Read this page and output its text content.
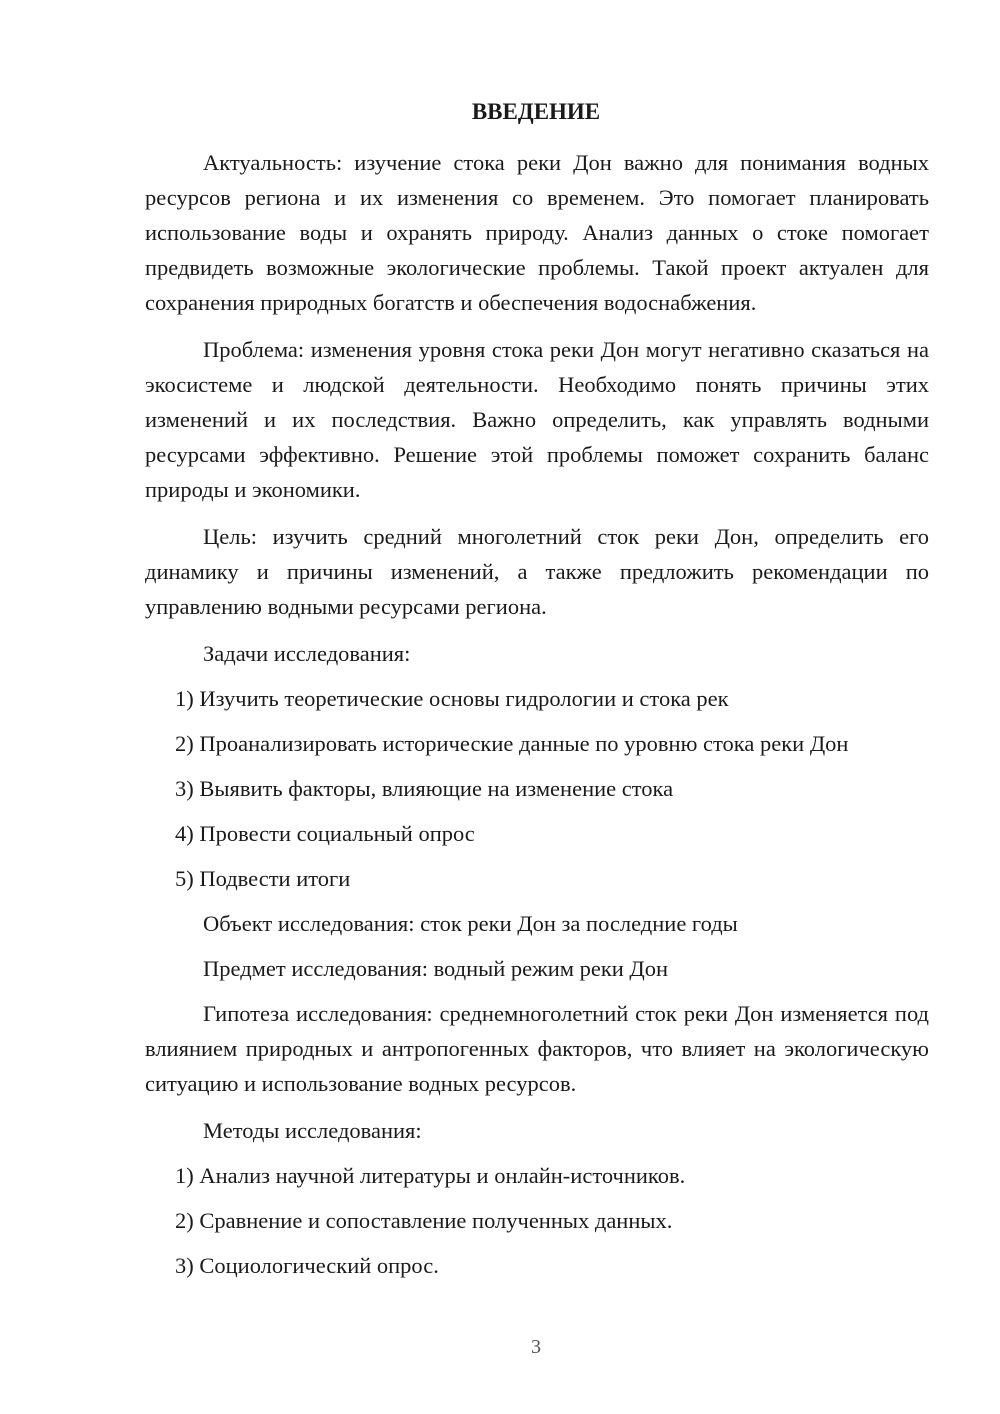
ВВЕДЕНИЕ

Актуальность: изучение стока реки Дон важно для понимания водных ресурсов региона и их изменения со временем. Это помогает планировать использование воды и охранять природу. Анализ данных о стоке помогает предвидеть возможные экологические проблемы. Такой проект актуален для сохранения природных богатств и обеспечения водоснабжения.

Проблема: изменения уровня стока реки Дон могут негативно сказаться на экосистеме и людской деятельности. Необходимо понять причины этих изменений и их последствия. Важно определить, как управлять водными ресурсами эффективно. Решение этой проблемы поможет сохранить баланс природы и экономики.

Цель: изучить средний многолетний сток реки Дон, определить его динамику и причины изменений, а также предложить рекомендации по управлению водными ресурсами региона.

Задачи исследования:

1) Изучить теоретические основы гидрологии и стока рек

2) Проанализировать исторические данные по уровню стока реки Дон

3) Выявить факторы, влияющие на изменение стока

4) Провести социальный опрос

5) Подвести итоги

Объект исследования: сток реки Дон за последние годы

Предмет исследования: водный режим реки Дон

Гипотеза исследования: среднемноголетний сток реки Дон изменяется под влиянием природных и антропогенных факторов, что влияет на экологическую ситуацию и использование водных ресурсов.

Методы исследования:

1) Анализ научной литературы и онлайн-источников.

2) Сравнение и сопоставление полученных данных.

3) Социологический опрос.

3
